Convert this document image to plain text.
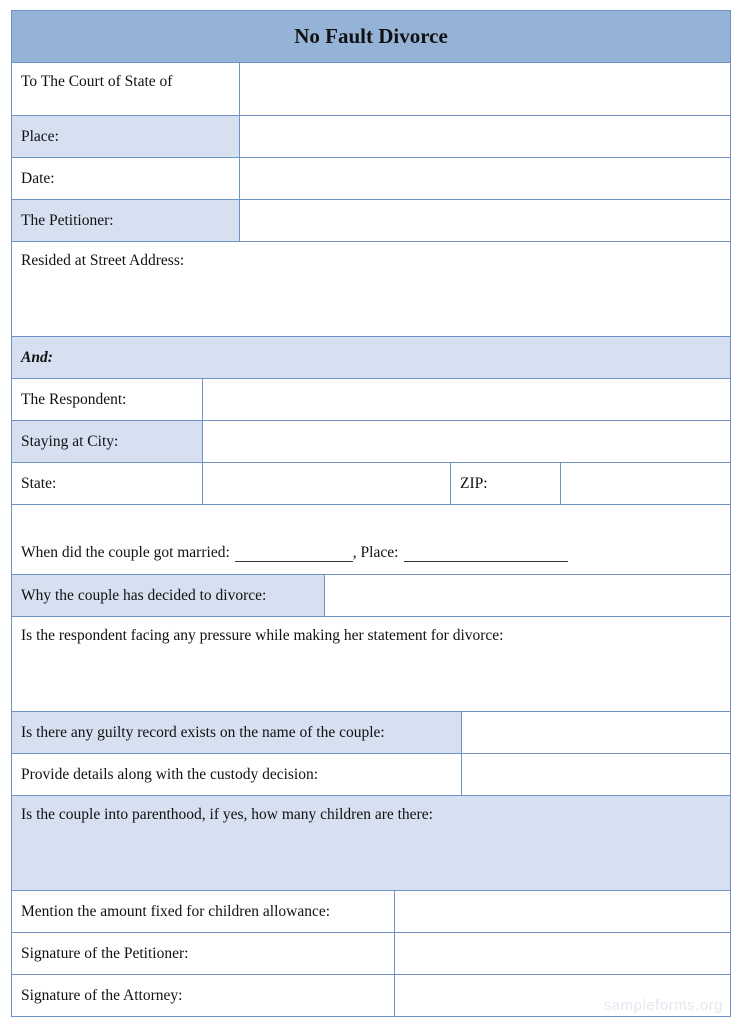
No Fault Divorce
To The Court of State of
Place:
Date:
The Petitioner:
Resided at Street Address:
And:
The Respondent:
Staying at City:
State:	ZIP:
When did the couple got married:	, Place:
Why the couple has decided to divorce:
Is the respondent facing any pressure while making her statement for divorce:
Is there any guilty record exists on the name of the couple:
Provide details along with the custody decision:
Is the couple into parenthood, if yes, how many children are there:
Mention the amount fixed for children allowance:
Signature of the Petitioner:
Signature of the Attorney:
sampleforms.org
